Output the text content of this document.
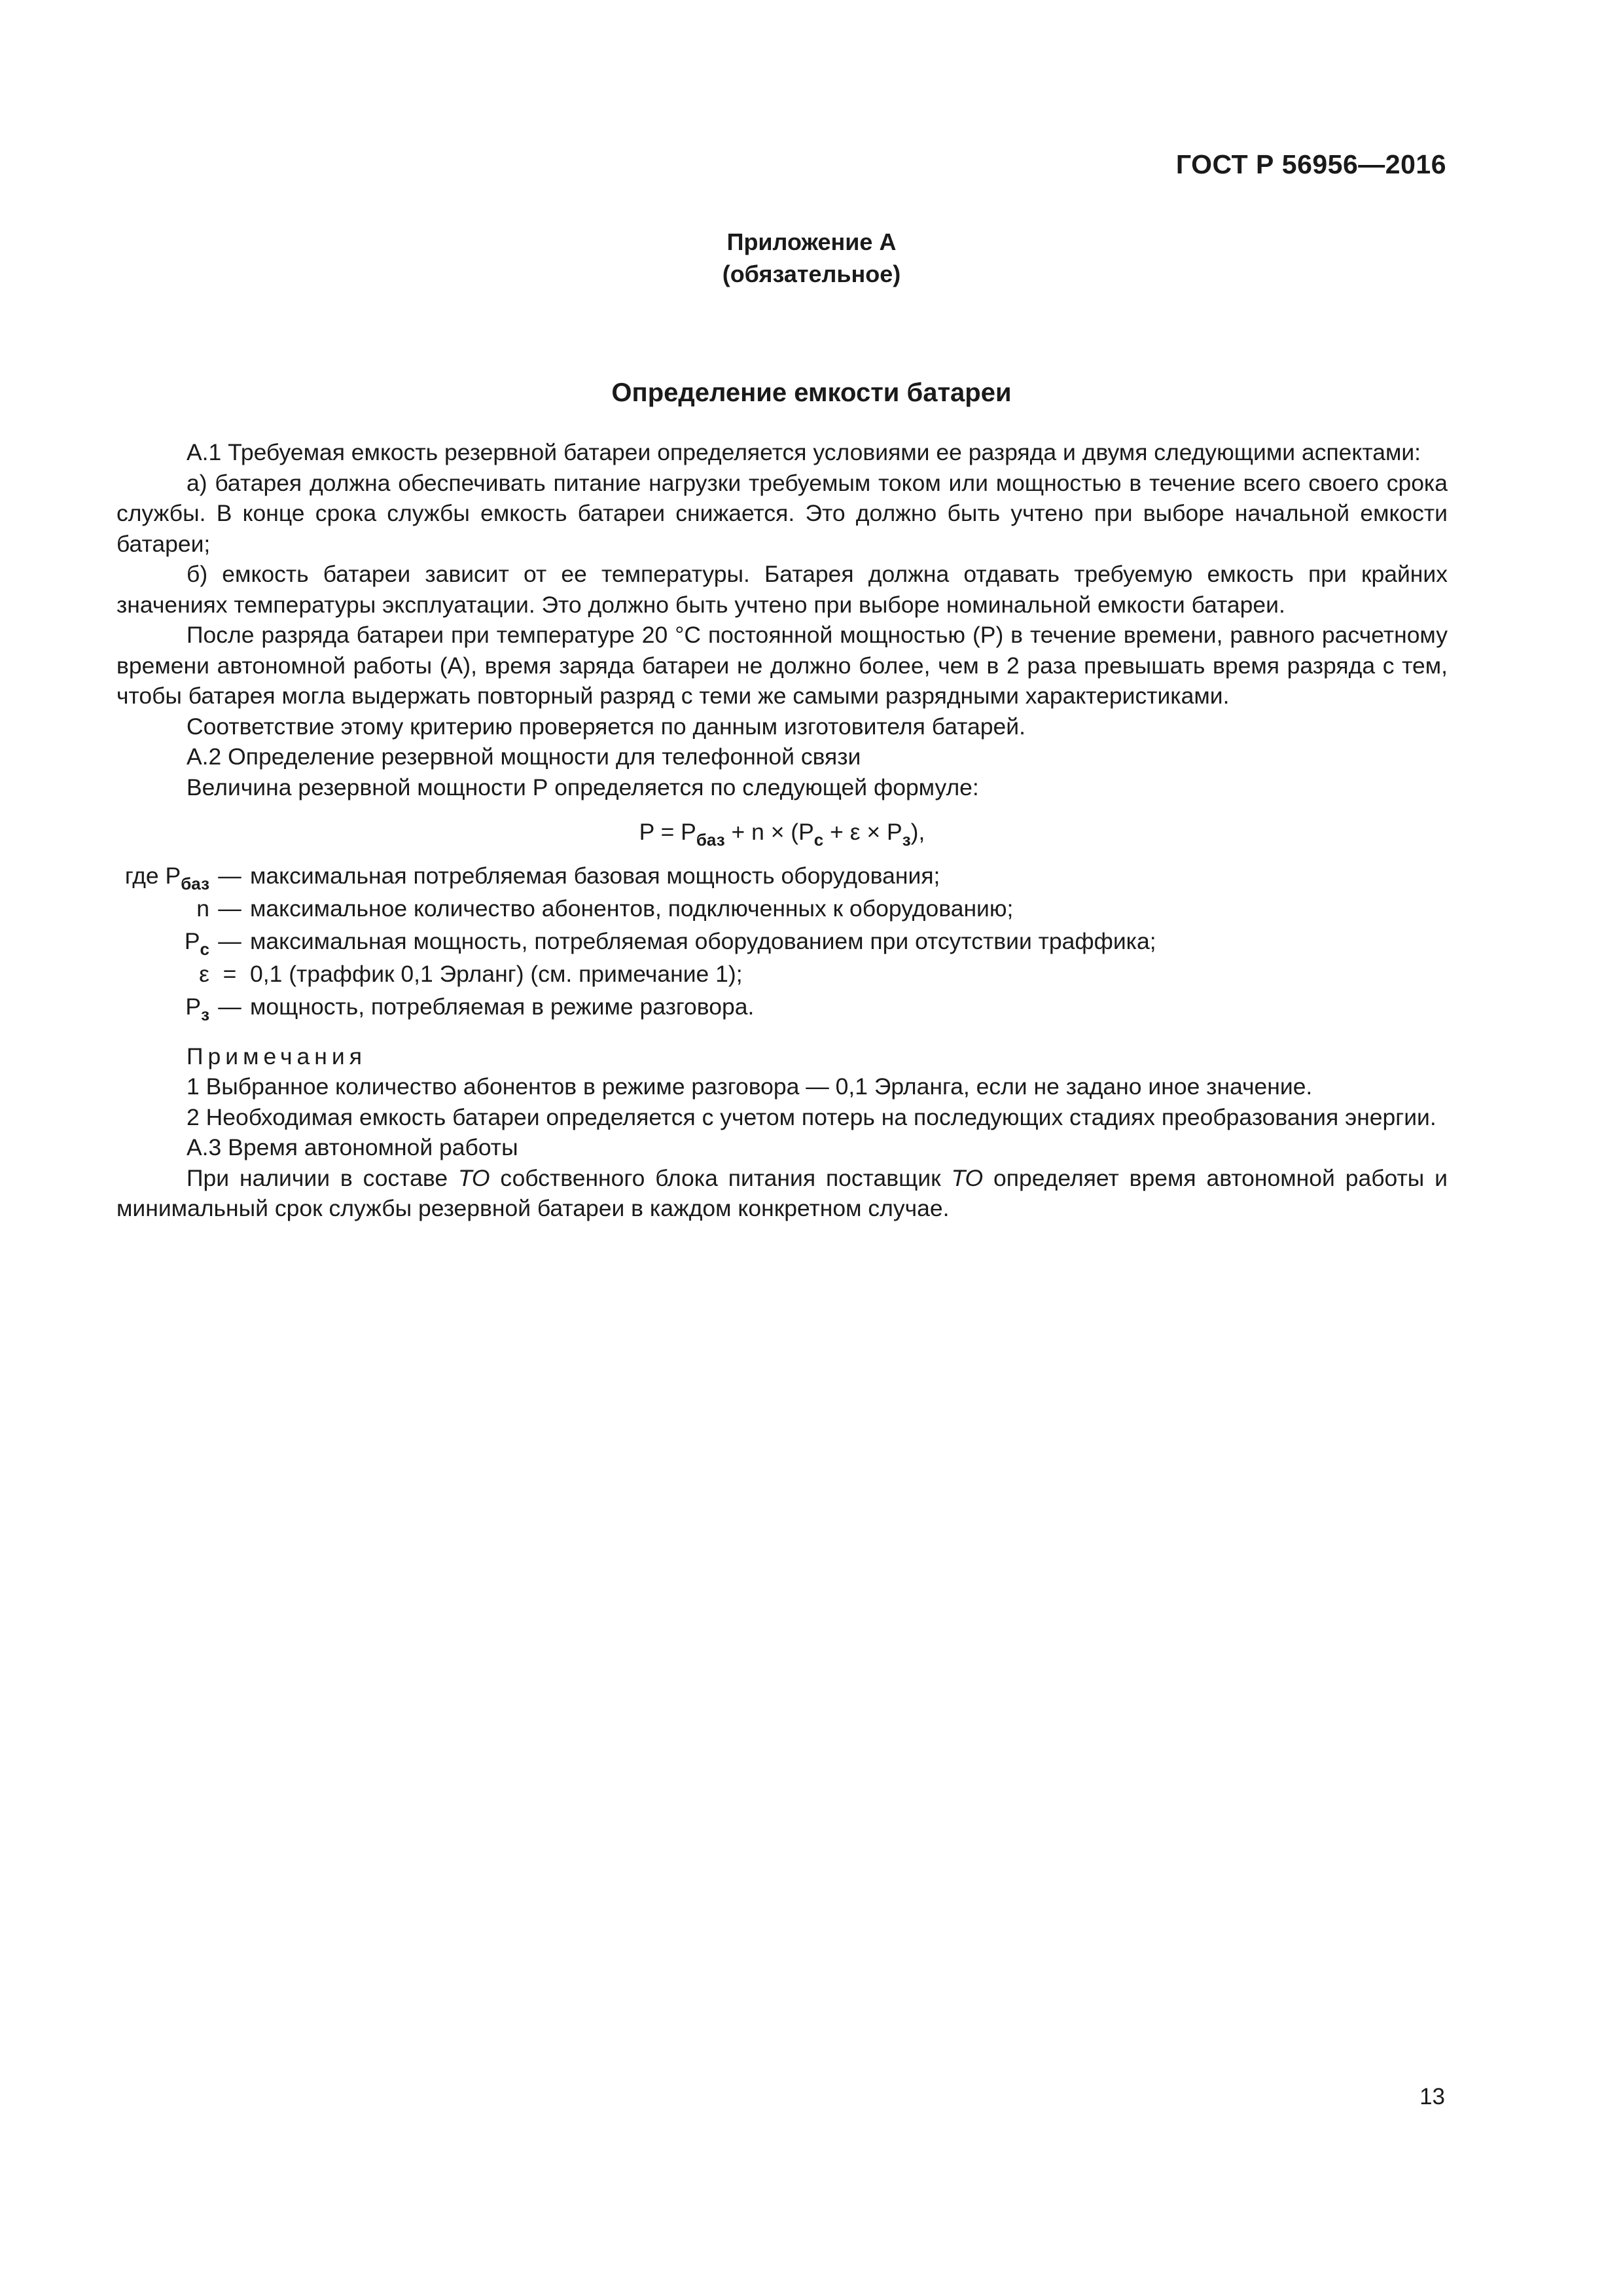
ГОСТ Р 56956—2016
Приложение А
(обязательное)
Определение емкости батареи

А.1 Требуемая емкость резервной батареи определяется условиями ее разряда и двумя следующими аспектами:

а) батарея должна обеспечивать питание нагрузки требуемым током или мощностью в течение всего своего срока службы. В конце срока службы емкость батареи снижается. Это должно быть учтено при выборе начальной емкости батареи;

б) емкость батареи зависит от ее температуры. Батарея должна отдавать требуемую емкость при крайних значениях температуры эксплуатации. Это должно быть учтено при выборе номинальной емкости батареи.

После разряда батареи при температуре 20 °С постоянной мощностью (Р) в течение времени, равного расчетному времени автономной работы (А), время заряда батареи не должно более, чем в 2 раза превышать время разряда с тем, чтобы батарея могла выдержать повторный разряд с теми же самыми разрядными характеристиками.

Соответствие этому критерию проверяется по данным изготовителя батарей.

А.2 Определение резервной мощности для телефонной связи

Величина резервной мощности Р определяется по следующей формуле:

$P = P_{баз} + n \times (P_c + \varepsilon \times P_з)$,
где $P_{баз}$ — максимальная потребляемая базовая мощность оборудования;
n — максимальное количество абонентов, подключенных к оборудованию;
$P_c$ — максимальная мощность, потребляемая оборудованием при отсутствии траффика;
ε = 0,1 (траффик 0,1 Эрланг) (см. примечание 1);
$P_з$ — мощность, потребляемая в режиме разговора.

Примечания

1 Выбранное количество абонентов в режиме разговора — 0,1 Эрланга, если не задано иное значение.

2 Необходимая емкость батареи определяется с учетом потерь на последующих стадиях преобразования энергии.

А.3 Время автономной работы

При наличии в составе ТО собственного блока питания поставщик ТО определяет время автономной работы и минимальный срок службы резервной батареи в каждом конкретном случае.

13
